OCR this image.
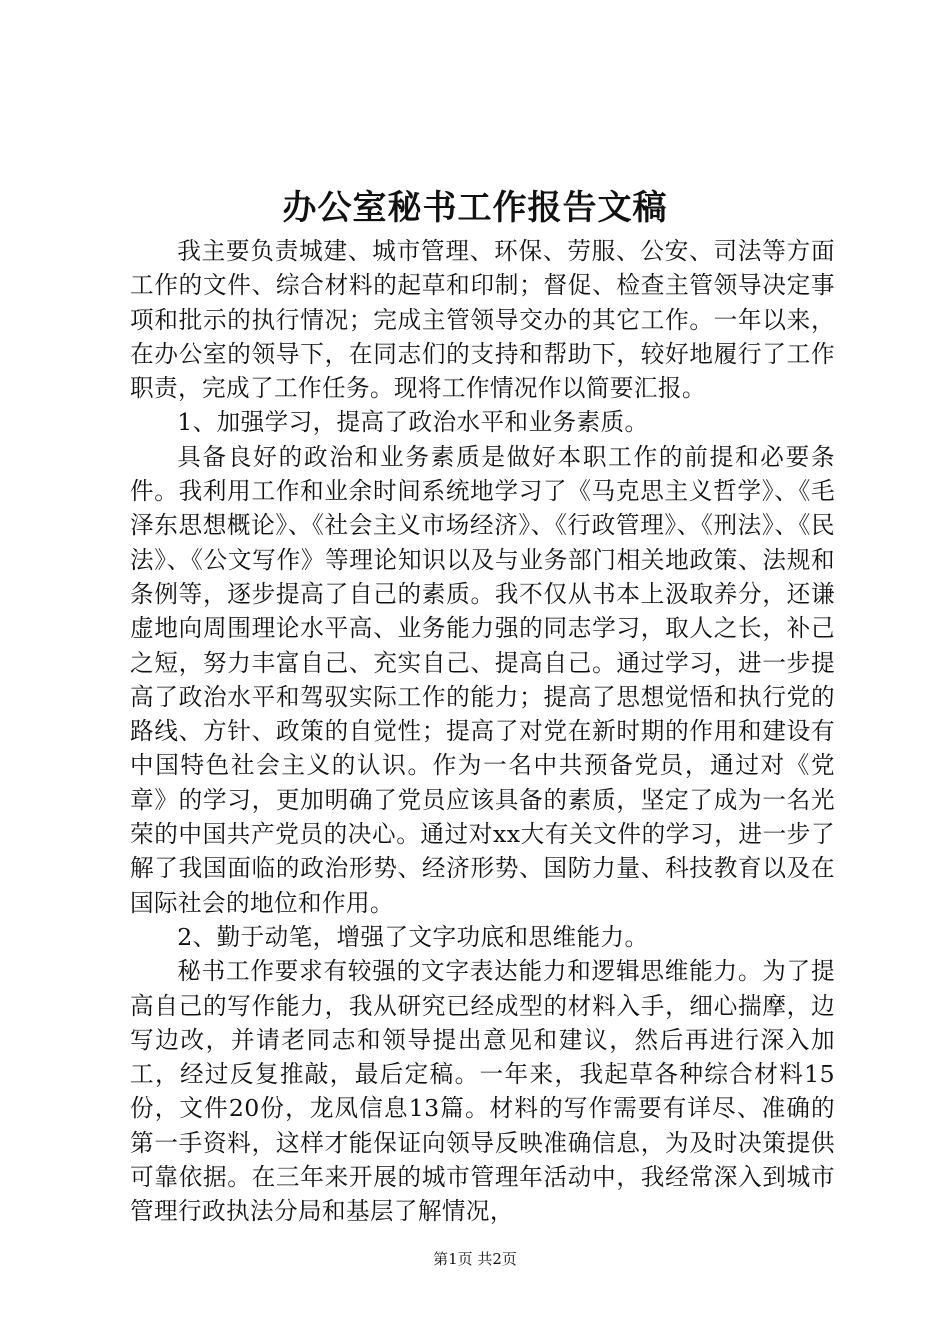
办公室秘书工作报告文稿

我主要负责城建、城市管理、环保、劳服、公安、司法等方面工作的文件、综合材料的起草和印制；督促、检查主管领导决定事项和批示的执行情况；完成主管领导交办的其它工作。一年以来，在办公室的领导下，在同志们的支持和帮助下，较好地履行了工作职责，完成了工作任务。现将工作情况作以简要汇报。

1、加强学习，提高了政治水平和业务素质。

具备良好的政治和业务素质是做好本职工作的前提和必要条件。我利用工作和业余时间系统地学习了《马克思主义哲学》、《毛泽东思想概论》、《社会主义市场经济》、《行政管理》、《刑法》、《民法》、《公文写作》等理论知识以及与业务部门相关地政策、法规和条例等，逐步提高了自己的素质。我不仅从书本上汲取养分，还谦虚地向周围理论水平高、业务能力强的同志学习，取人之长，补己之短，努力丰富自己、充实自己、提高自己。通过学习，进一步提高了政治水平和驾驭实际工作的能力；提高了思想觉悟和执行党的路线、方针、政策的自觉性；提高了对党在新时期的作用和建设有中国特色社会主义的认识。作为一名中共预备党员，通过对《党章》的学习，更加明确了党员应该具备的素质，坚定了成为一名光荣的中国共产党员的决心。通过对xx大有关文件的学习，进一步了解了我国面临的政治形势、经济形势、国防力量、科技教育以及在国际社会的地位和作用。

2、勤于动笔，增强了文字功底和思维能力。

秘书工作要求有较强的文字表达能力和逻辑思维能力。为了提高自己的写作能力，我从研究已经成型的材料入手，细心揣摩，边写边改，并请老同志和领导提出意见和建议，然后再进行深入加工，经过反复推敲，最后定稿。一年来，我起草各种综合材料15份，文件20份，龙凤信息13篇。材料的写作需要有详尽、准确的第一手资料，这样才能保证向领导反映准确信息，为及时决策提供可靠依据。在三年来开展的城市管理年活动中，我经常深入到城市管理行政执法分局和基层了解情况，

第1页 共2页
